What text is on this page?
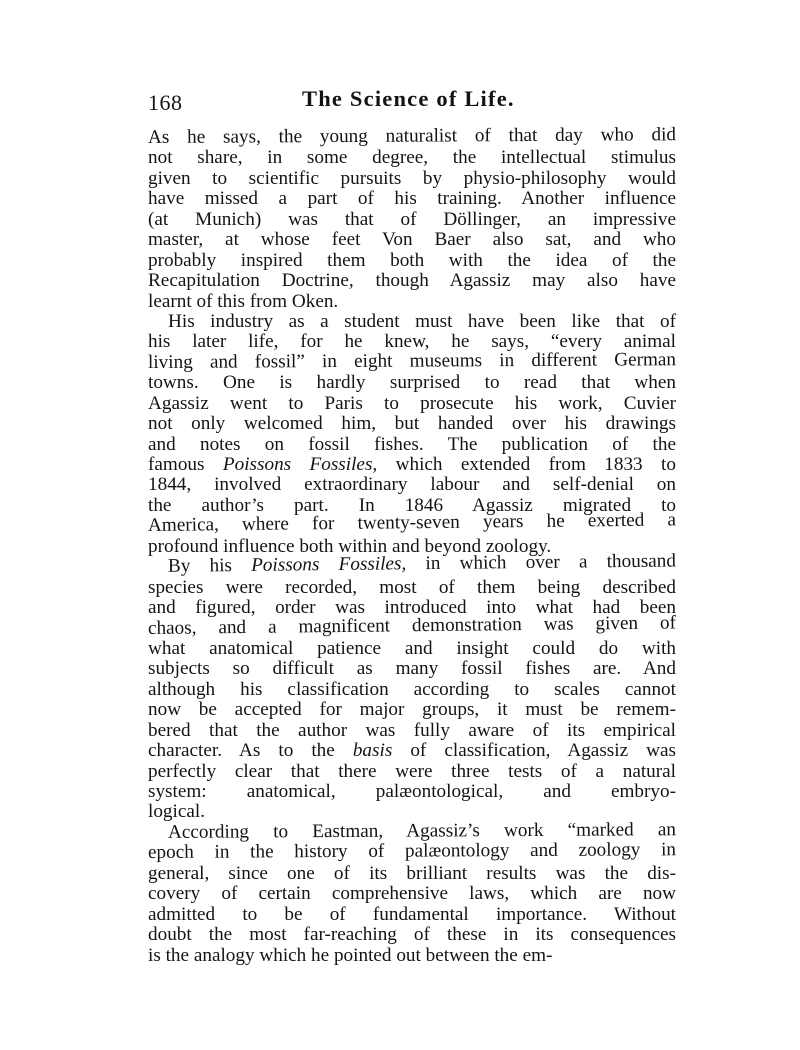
168	The Science of Life.
As he says, the young naturalist of that day who did
not share, in some degree, the intellectual stimulus
given to scientific pursuits by physio-philosophy would
have missed a part of his training. Another influence
(at Munich) was that of Döllinger, an impressive
master, at whose feet Von Baer also sat, and who
probably inspired them both with the idea of the
Recapitulation Doctrine, though Agassiz may also have
learnt of this from Oken.
His industry as a student must have been like that of
his later life, for he knew, he says, “every animal
living and fossil” in eight museums in different German
towns. One is hardly surprised to read that when
Agassiz went to Paris to prosecute his work, Cuvier
not only welcomed him, but handed over his drawings
and notes on fossil fishes. The publication of the
famous Poissons Fossiles, which extended from 1833 to
1844, involved extraordinary labour and self-denial on
the author’s part. In 1846 Agassiz migrated to
America, where for twenty-seven years he exerted a
profound influence both within and beyond zoology.
By his Poissons Fossiles, in which over a thousand
species were recorded, most of them being described
and figured, order was introduced into what had been
chaos, and a magnificent demonstration was given of
what anatomical patience and insight could do with
subjects so difficult as many fossil fishes are. And
although his classification according to scales cannot
now be accepted for major groups, it must be remem-
bered that the author was fully aware of its empirical
character. As to the basis of classification, Agassiz was
perfectly clear that there were three tests of a natural
system: anatomical, palæontological, and embryo-
logical.
According to Eastman, Agassiz’s work “marked an
epoch in the history of palæontology and zoology in
general, since one of its brilliant results was the dis-
covery of certain comprehensive laws, which are now
admitted to be of fundamental importance. Without
doubt the most far-reaching of these in its consequences
is the analogy which he pointed out between the em-
